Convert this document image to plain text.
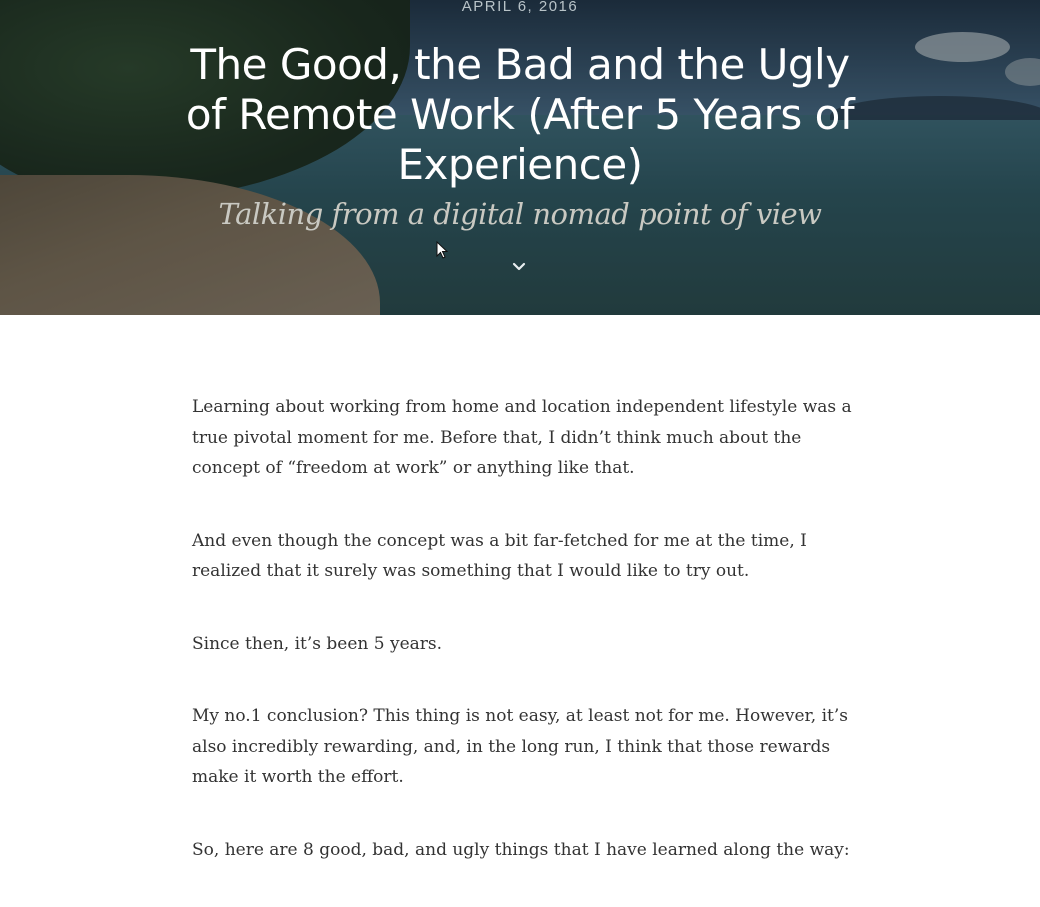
APRIL 6, 2016
The Good, the Bad and the Ugly of Remote Work (After 5 Years of Experience)
Talking from a digital nomad point of view

Learning about working from home and location independent lifestyle was a true pivotal moment for me. Before that, I didn’t think much about the concept of “freedom at work” or anything like that.

And even though the concept was a bit far-fetched for me at the time, I realized that it surely was something that I would like to try out.

Since then, it’s been 5 years.

My no.1 conclusion? This thing is not easy, at least not for me. However, it’s also incredibly rewarding, and, in the long run, I think that those rewards make it worth the effort.

So, here are 8 good, bad, and ugly things that I have learned along the way:
